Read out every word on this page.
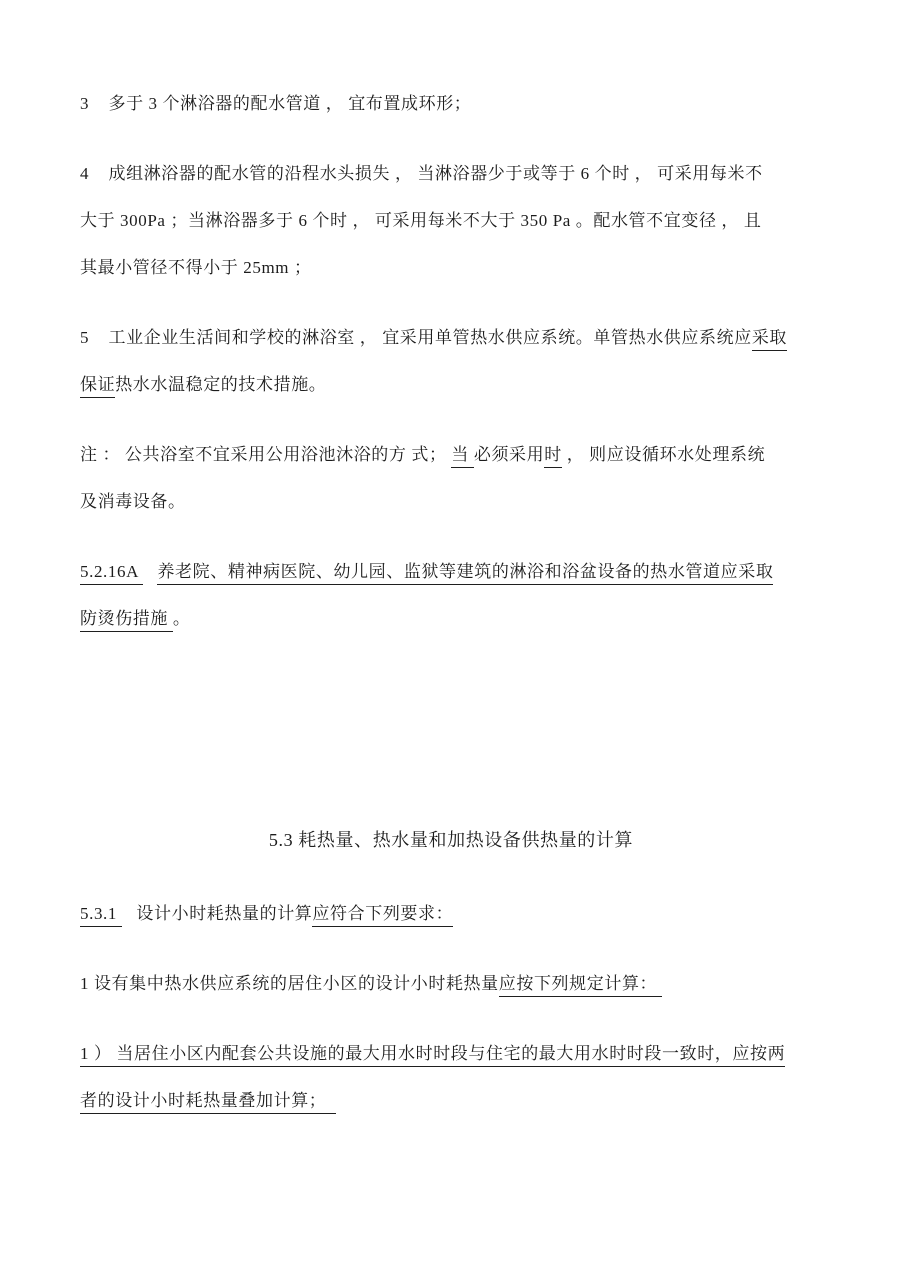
3    多于 3 个淋浴器的配水管道 ， 宜布置成环形；

4    成组淋浴器的配水管的沿程水头损失 ， 当淋浴器少于或等于 6 个时 ， 可采用每米不
大于 300Pa ；当淋浴器多于 6 个时 ， 可采用每米不大于 350 Pa 。配水管不宜变径 ， 且
其最小管径不得小于 25mm ；

5    工业企业生活间和学校的淋浴室 ， 宜采用单管热水供应系统。单管热水供应系统应采取
保证热水水温稳定的技术措施。

注 ： 公共浴室不宜采用公用浴池沐浴的方 式； 当 必须采用时 ， 则应设循环水处理系统
及消毒设备。

5.2.16A    养老院、精神病医院、幼儿园、监狱等建筑的淋浴和浴盆设备的热水管道应采取
防烫伤措施 。

5.3 耗热量、热水量和加热设备供热量的计算

5.3.1    设计小时耗热量的计算应符合下列要求：

1 设有集中热水供应系统的居住小区的设计小时耗热量应按下列规定计算：

1 ） 当居住小区内配套公共设施的最大用水时时段与住宅的最大用水时时段一致时，应按两
者的设计小时耗热量叠加计算；
